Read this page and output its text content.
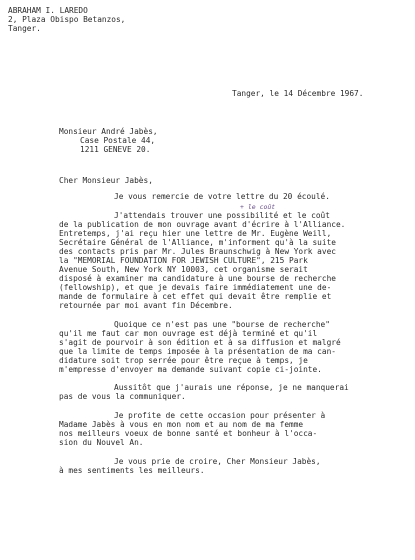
ABRAHAM I. LAREDO
2, Plaza Obispo Betanzos,
Tanger.
Tanger, le 14 Décembre 1967.
Monsieur André Jabès,
Case Postale 44,
1211 GENEVE 20.
Cher Monsieur Jabès,
Je vous remercie de votre lettre du 20 écoulé.
+ le coût
J'attendais trouver une possibilité et le coût
de la publication de mon ouvrage avant d'écrire à l'Alliance.
Entretemps, j'ai reçu hier une lettre de Mr. Eugène Weill,
Secrétaire Général de l'Alliance, m'informent qu'à la suite
des contacts pris par Mr. Jules Braunschwig à New York avec
la "MEMORIAL FOUNDATION FOR JEWISH CULTURE", 215 Park
Avenue South, New York NY 10003, cet organisme serait
disposé à examiner ma candidature à une bourse de recherche
(fellowship), et que je devais faire immédiatement une de-
mande de formulaire à cet effet qui devait être remplie et
retournée par moi avant fin Décembre.
Quoique ce n'est pas une "bourse de recherche"
qu'il me faut car mon ouvrage est déjà terminé et qu'il
s'agit de pourvoir à son édition et à sa diffusion et malgré
que la limite de temps imposée à la présentation de ma can-
didature soit trop serrée pour être reçue à temps, je
m'empresse d'envoyer ma demande suivant copie ci-jointe.
Aussitôt que j'aurais une réponse, je ne manquerai
pas de vous la communiquer.
Je profite de cette occasion pour présenter à
Madame Jabès à vous en mon nom et au nom de ma femme
nos meilleurs voeux de bonne santé et bonheur à l'occa-
sion du Nouvel An.
Je vous prie de croire, Cher Monsieur Jabès,
à mes sentiments les meilleurs.
